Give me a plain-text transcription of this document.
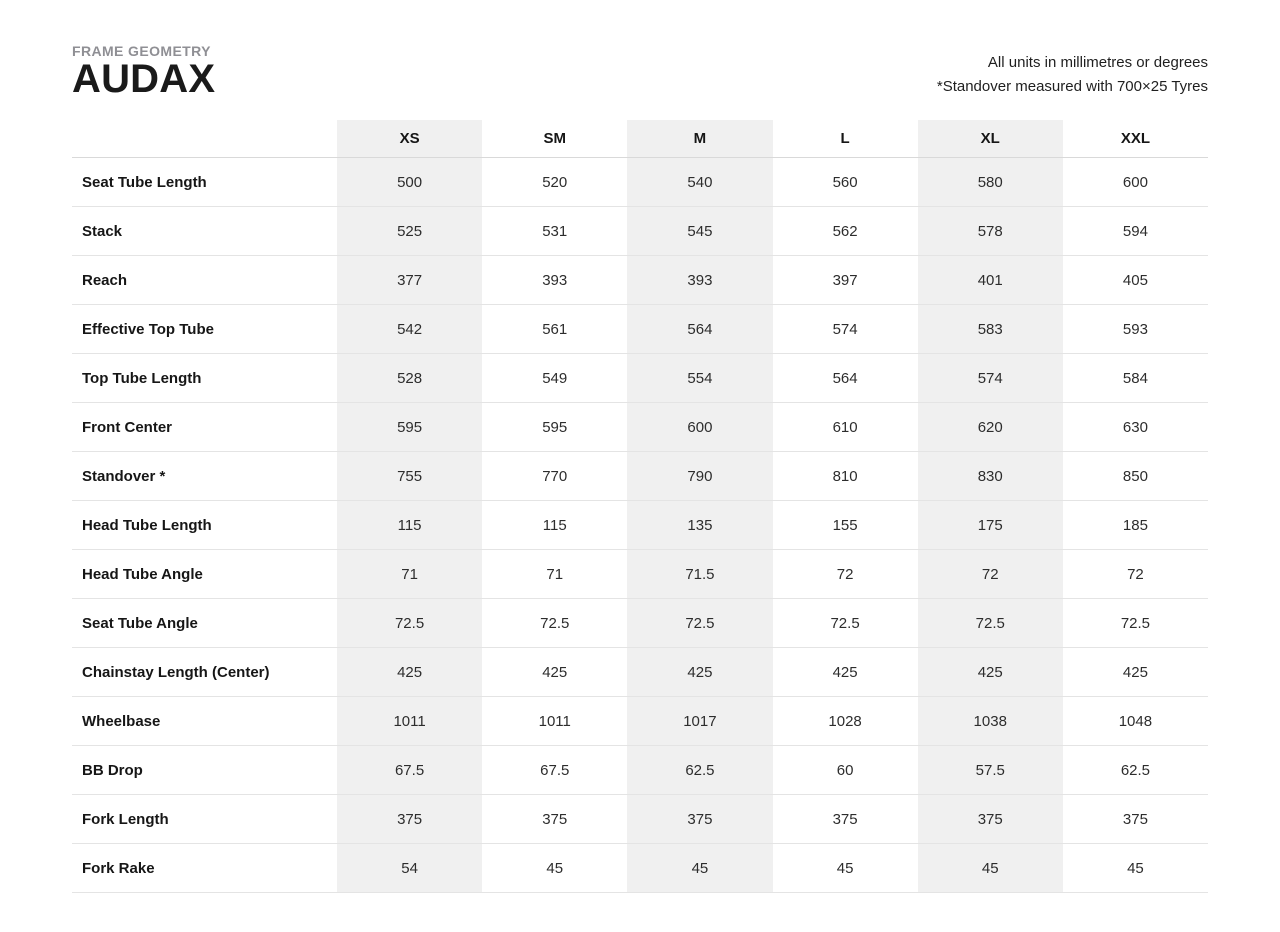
FRAME GEOMETRY
AUDAX	All units in millimetres or degrees
*Standover measured with 700×25 Tyres
XS	SM	M	L	XL	XXL
Seat Tube Length	500	520	540	560	580	600
Stack	525	531	545	562	578	594
Reach	377	393	393	397	401	405
Effective Top Tube	542	561	564	574	583	593
Top Tube Length	528	549	554	564	574	584
Front Center	595	595	600	610	620	630
Standover *	755	770	790	810	830	850
Head Tube Length	115	115	135	155	175	185
Head Tube Angle	71	71	71.5	72	72	72
Seat Tube Angle	72.5	72.5	72.5	72.5	72.5	72.5
Chainstay Length (Center)	425	425	425	425	425	425
Wheelbase	1011	1011	1017	1028	1038	1048
BB Drop	67.5	67.5	62.5	60	57.5	62.5
Fork Length	375	375	375	375	375	375
Fork Rake	54	45	45	45	45	45
